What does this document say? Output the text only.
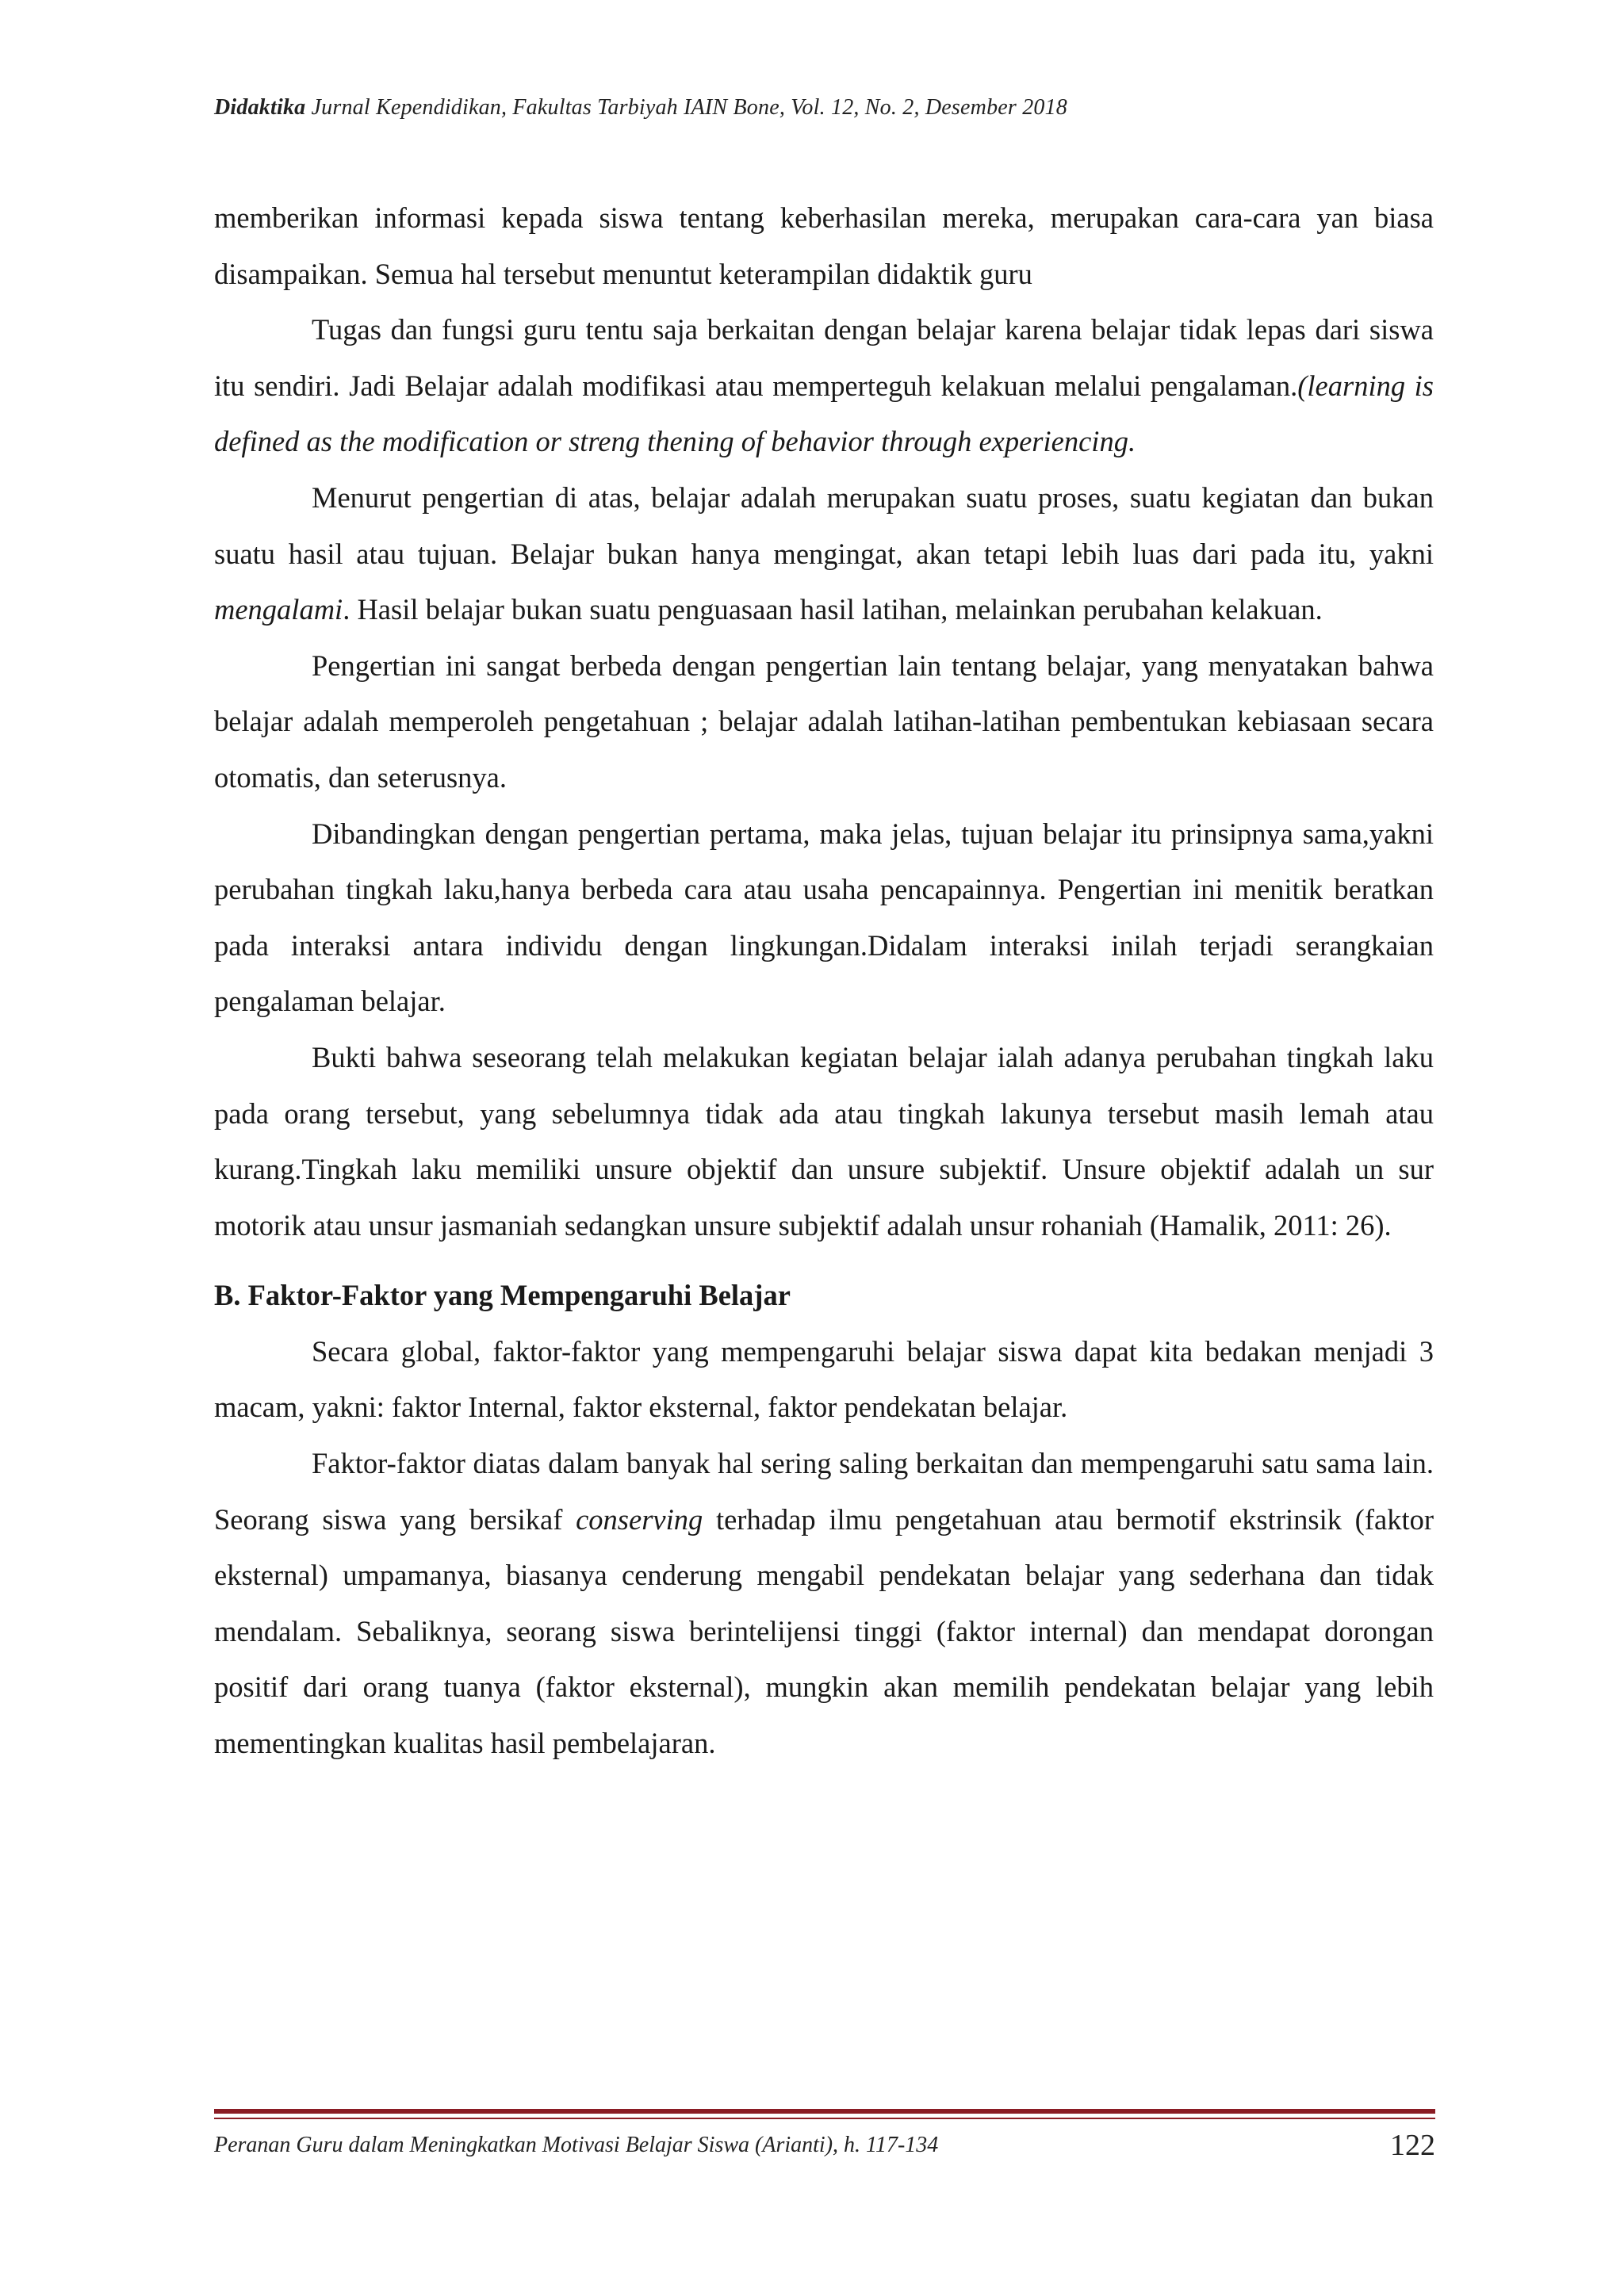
Didaktika Jurnal Kependidikan, Fakultas Tarbiyah IAIN Bone, Vol. 12, No. 2, Desember 2018

memberikan informasi kepada siswa tentang keberhasilan mereka, merupakan cara-cara yan biasa disampaikan. Semua hal tersebut menuntut keterampilan didaktik guru

Tugas dan fungsi guru tentu saja berkaitan dengan belajar karena belajar tidak lepas dari siswa itu sendiri. Jadi Belajar adalah modifikasi atau memperteguh kelakuan melalui pengalaman.(learning is defined as the modification or streng thening of behavior through experiencing.

Menurut pengertian di atas, belajar adalah merupakan suatu proses, suatu kegiatan dan bukan suatu hasil atau tujuan. Belajar bukan hanya mengingat, akan tetapi lebih luas dari pada itu, yakni mengalami. Hasil belajar bukan suatu penguasaan hasil latihan, melainkan perubahan kelakuan.

Pengertian ini sangat berbeda dengan pengertian lain tentang belajar, yang menyatakan bahwa belajar adalah memperoleh pengetahuan ; belajar adalah latihan-latihan pembentukan kebiasaan secara otomatis, dan seterusnya.

Dibandingkan dengan pengertian pertama, maka jelas, tujuan belajar itu prinsipnya sama,yakni perubahan tingkah laku,hanya berbeda cara atau usaha pencapainnya. Pengertian ini menitik beratkan pada interaksi antara individu dengan lingkungan.Didalam interaksi inilah terjadi serangkaian pengalaman belajar.

Bukti bahwa seseorang telah melakukan kegiatan belajar ialah adanya perubahan tingkah laku pada orang tersebut, yang sebelumnya tidak ada atau tingkah lakunya tersebut masih lemah atau kurang.Tingkah laku memiliki unsure objektif dan unsure subjektif. Unsure objektif adalah un sur motorik atau unsur jasmaniah sedangkan unsure subjektif adalah unsur rohaniah (Hamalik, 2011: 26).

B. Faktor-Faktor yang Mempengaruhi Belajar

Secara global, faktor-faktor yang mempengaruhi belajar siswa dapat kita bedakan menjadi 3 macam, yakni: faktor Internal, faktor eksternal, faktor pendekatan belajar.

Faktor-faktor diatas dalam banyak hal sering saling berkaitan dan mempengaruhi satu sama lain. Seorang siswa yang bersikaf conserving terhadap ilmu pengetahuan atau bermotif ekstrinsik (faktor eksternal) umpamanya, biasanya cenderung mengabil pendekatan belajar yang sederhana dan tidak mendalam. Sebaliknya, seorang siswa berintelijensi tinggi (faktor internal) dan mendapat dorongan positif dari orang tuanya (faktor eksternal), mungkin akan memilih pendekatan belajar yang lebih mementingkan kualitas hasil pembelajaran.

Peranan Guru dalam Meningkatkan Motivasi Belajar Siswa (Arianti), h. 117-134	122
